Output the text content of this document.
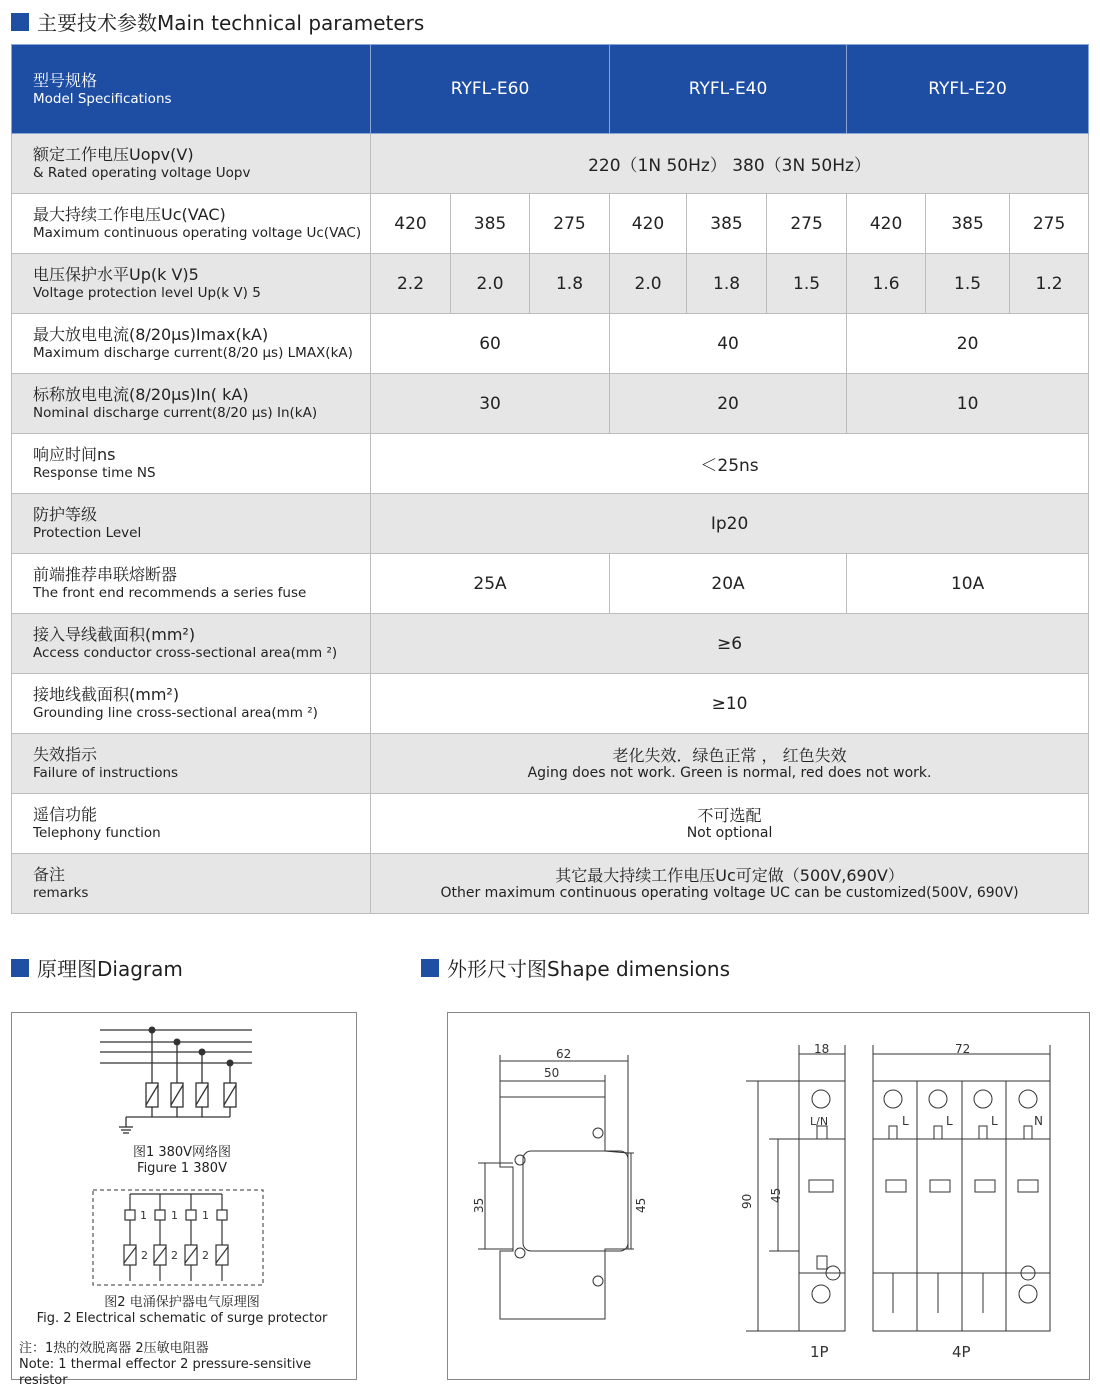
主要技术参数Main technical parameters
型号规格
Model Specifications	RYFL-E60			RYFL-E40			RYFL-E20		

额定工作电压Uopv(V)
& Rated operating voltage Uopv	220（1N 50Hz） 380（3N 50Hz）								

最大持续工作电压Uc(VAC)
Maximum continuous operating voltage Uc(VAC)	420	385	275	420	385	275	420	385	275

电压保护水平Up(k V)5
Voltage protection level Up(k V) 5	2.2	2.0	1.8	2.0	1.8	1.5	1.6	1.5	1.2

最大放电电流(8/20μs)Imax(kA)
Maximum discharge current(8/20 μs) LMAX(kA)	60			40			20		

标称放电电流(8/20μs)In( kA)
Nominal discharge current(8/20 μs) In(kA)	30			20			10		

响应时间ns
Response time NS	＜25ns								

防护等级
Protection Level	Ip20								

前端推荐串联熔断器
The front end recommends a series fuse	25A			20A			10A		

接入导线截面积(mm²)
Access conductor cross-sectional area(mm ²)	≥6								

接地线截面积(mm²)
Grounding line cross-sectional area(mm ²)	≥10								

失效指示
Failure of instructions	老化失效．绿色正常 ， 红色失效
Aging does not work. Green is normal, red does not work.								

遥信功能
Telephony function	不可选配
Not optional								

备注
remarks	其它最大持续工作电压Uc可定做（500V,690V）
Other maximum continuous operating voltage UC can be customized(500V, 690V)								
原理图Diagram
1 1 1
2 2 2
图1 380V网络图
Figure 1 380V
图2 电涌保护器电气原理图
Fig. 2 Electrical schematic of surge protector
注：1热的效脱离器 2压敏电阻器
Note: 1 thermal effector 2 pressure-sensitive resistor
外形尺寸图Shape dimensions
62
50
35	45
18
90 45
L/N
1P
72
L	L	L	N
4P
